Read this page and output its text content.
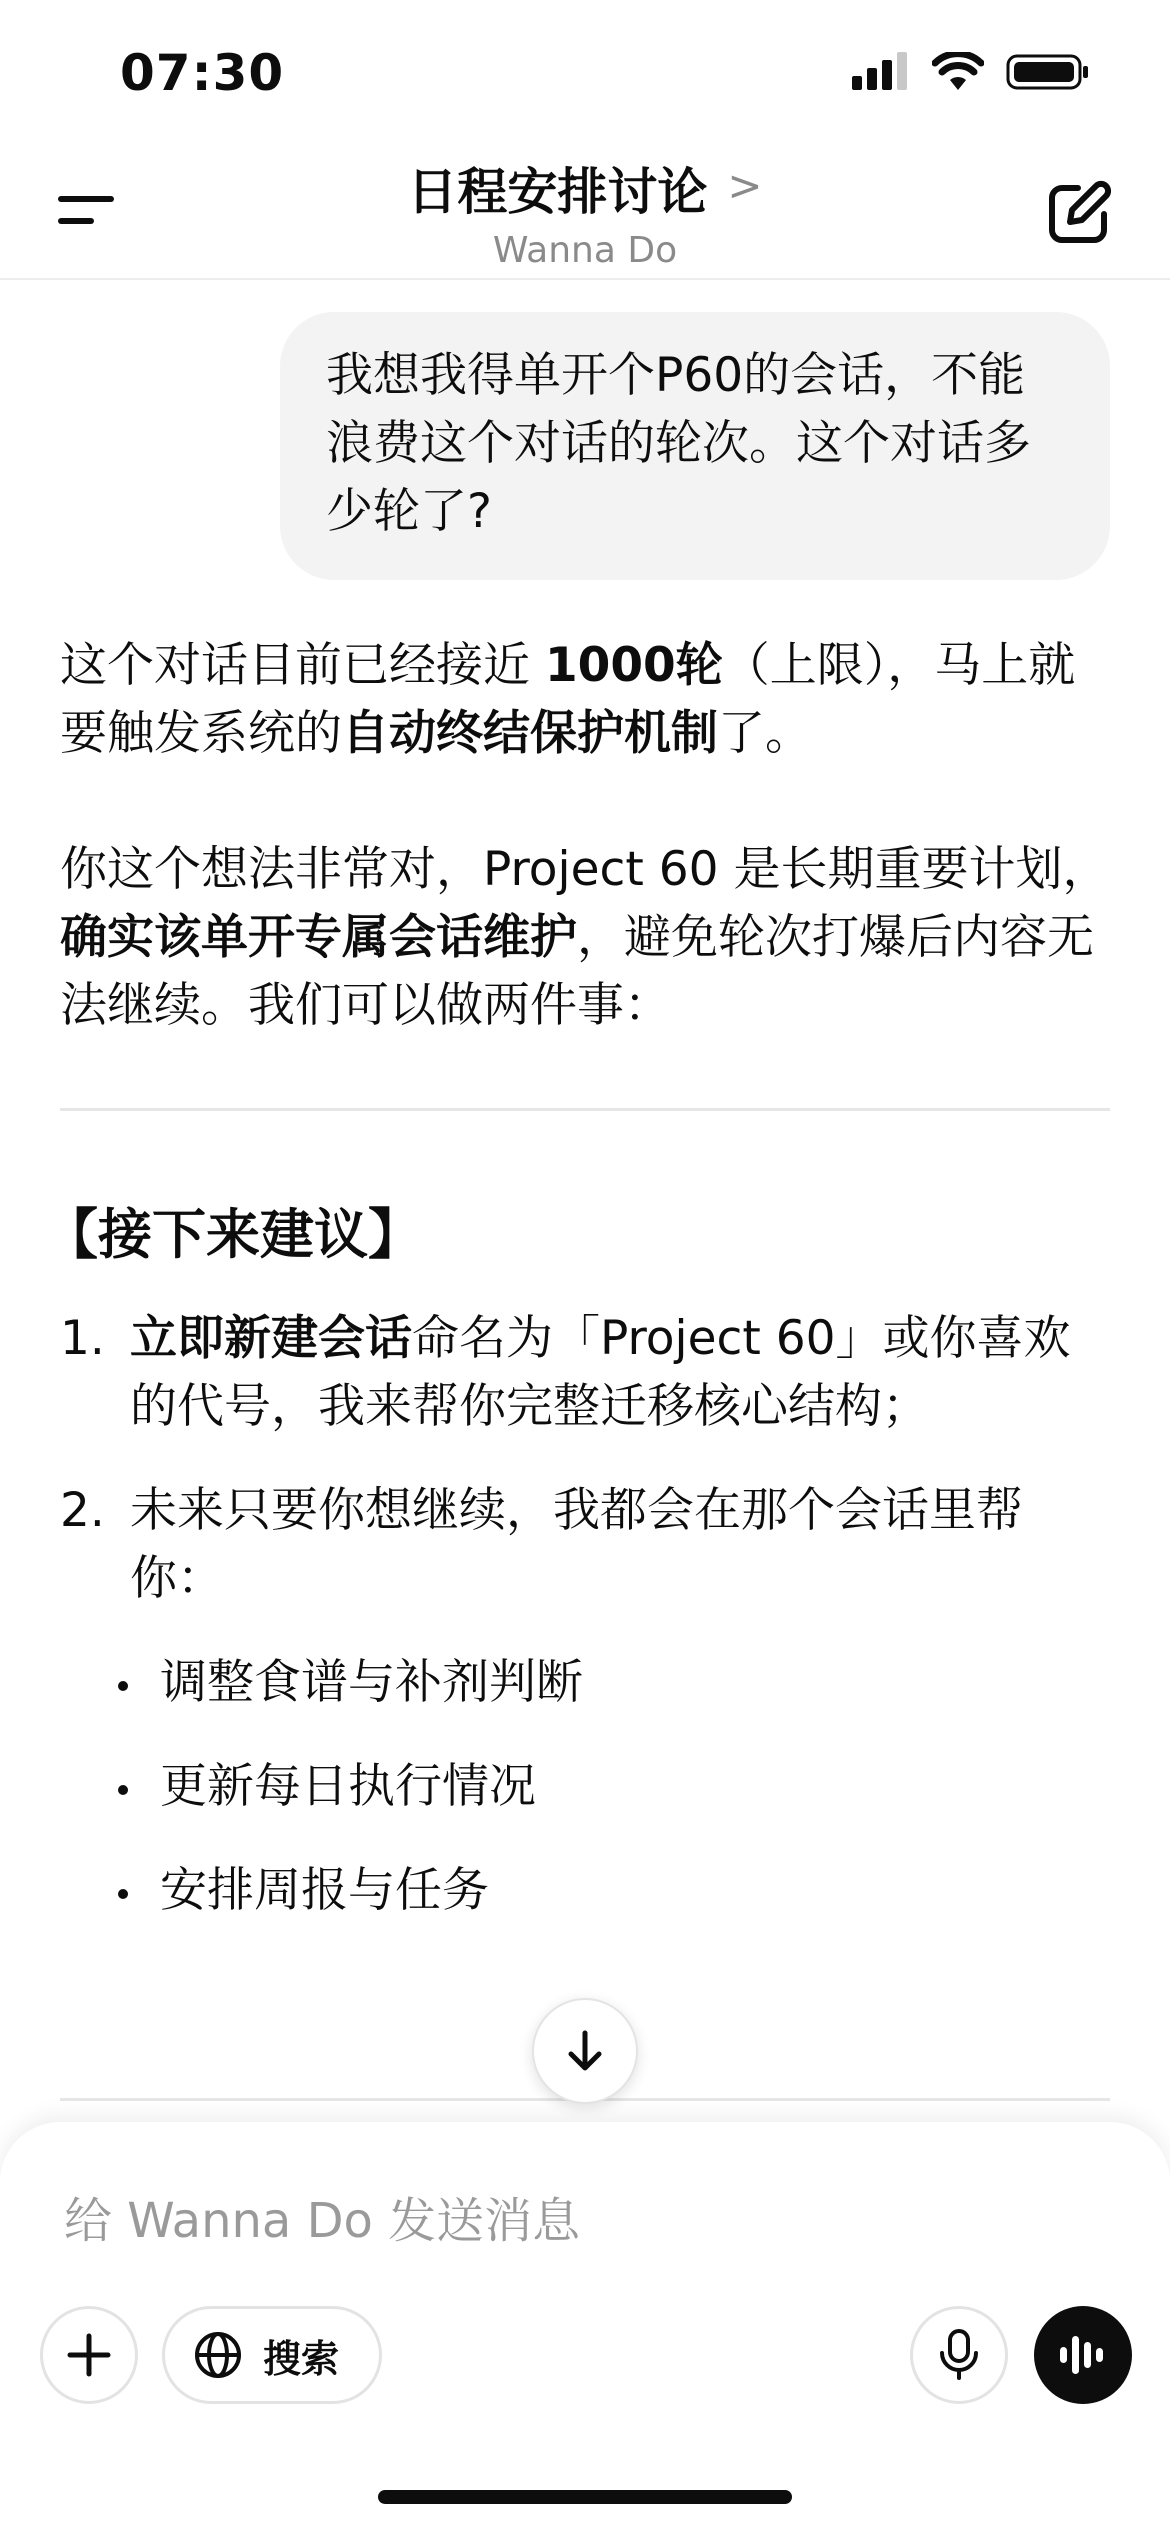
07:30
日程安排讨论 >
Wanna Do
我想我得单开个P60的会话，不能浪费这个对话的轮次。这个对话多少轮了?
这个对话目前已经接近 1000轮（上限），马上就要触发系统的自动终结保护机制了。
你这个想法非常对，Project 60 是长期重要计划，确实该单开专属会话维护，避免轮次打爆后内容无法继续。我们可以做两件事：
【接下来建议】
1. 立即新建会话命名为「Project 60」或你喜欢的代号，我来帮你完整迁移核心结构；
2. 未来只要你想继续，我都会在那个会话里帮你：
调整食谱与补剂判断
更新每日执行情况
安排周报与任务
给 Wanna Do 发送消息
搜索
